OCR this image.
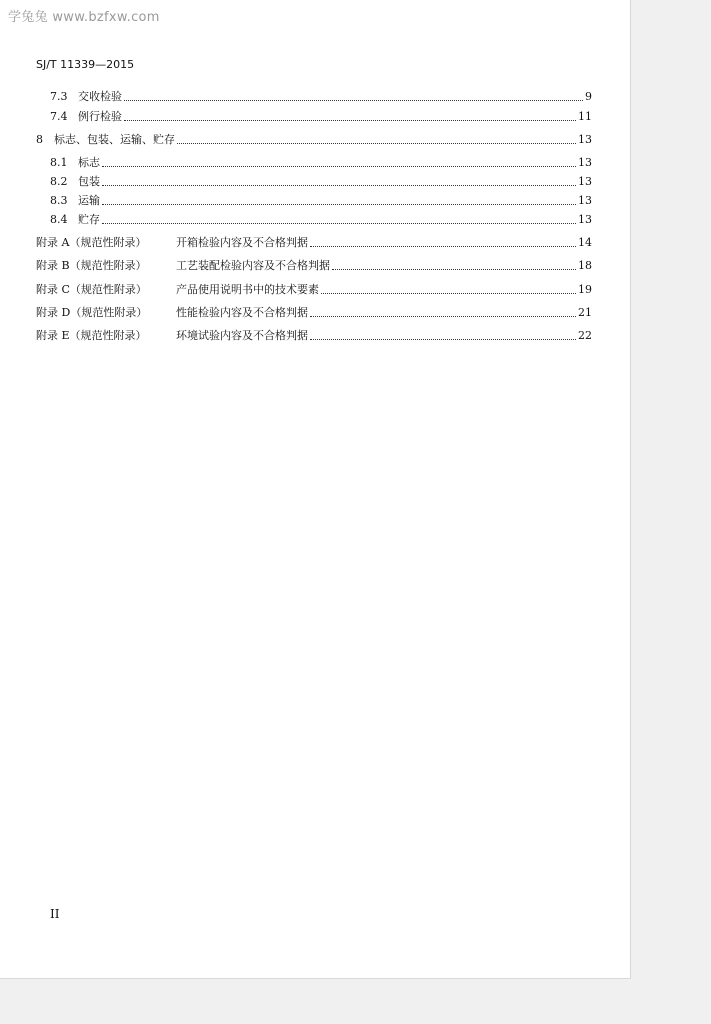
学兔兔 www.bzfxw.com
SJ/T 11339—2015
7.3 交收检验	9
7.4 例行检验	11
8	标志、包装、运输、贮存	13
8.1 标志	13
8.2 包装	13
8.3 运输	13
8.4 贮存	13
附录 A（规范性附录）	开箱检验内容及不合格判据	14
附录 B（规范性附录）	工艺装配检验内容及不合格判据	18
附录 C（规范性附录）	产品使用说明书中的技术要素	19
附录 D（规范性附录）	性能检验内容及不合格判据	21
附录 E（规范性附录）	环境试验内容及不合格判据	22
II
